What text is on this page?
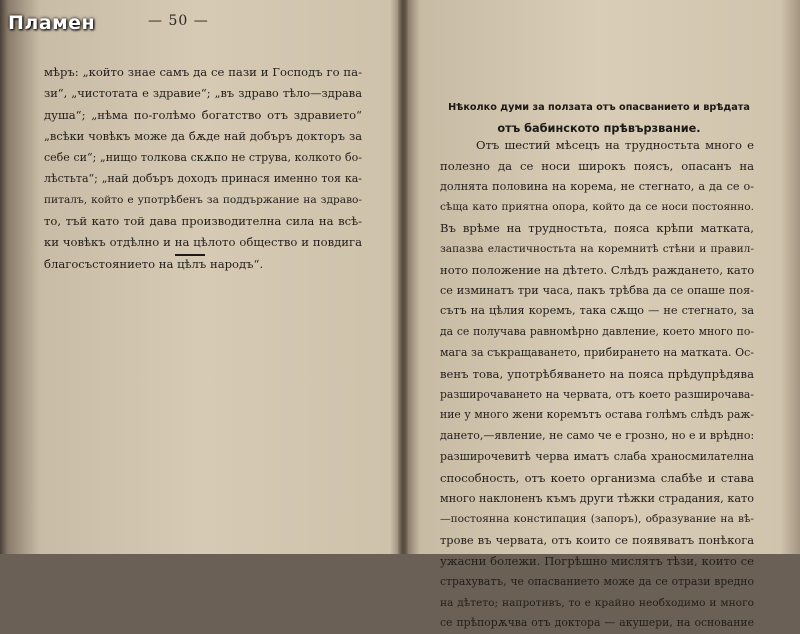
Пламен	— 50 —
мѣръ: „който знае самъ да се пази и Господъ го па-
зи“, „чистотата е здравие“; „въ здраво тѣло—здрава
душа“; „нѣма по-голѣмо богатство отъ здравието“
„всѣки човѣкъ може да бѫде най добъръ докторъ за
себе си“; „нищо толкова скѫпо не струва, колкото бо-
лѣстьта“; „най добъръ доходъ принася именно тоя ка-
питалъ, който е употрѣбенъ за поддържание на здраво-
то, тъй като той дава производителна сила на всѣ-
ки човѣкъ отдѣлно и на цѣлото общество и повдига
благосъстоянието на цѣлъ народъ“.
Нѣколко думи за ползата отъ опасванието и врѣдата
отъ бабинското прѣвързвание.
Отъ шестий мѣсецъ на трудностьта много е
полезно да се носи широкъ поясъ, опасанъ на
долнята половина на корема, не стегнато, а да се о-
сѣща като приятна опора, който да се носи постоянно.
Въ врѣме на трудностьта, пояса крѣпи матката,
запазва еластичностьта на коремнитѣ стѣни и правил-
ното положение на дѣтето. Слѣдъ раждането, като
се изминатъ три часа, пакъ трѣбва да се опаше поя-
сътъ на цѣлия коремъ, така сѫщо — не стегнато, за
да се получава равномѣрно давление, което много по-
мага за съкращаването, прибирането на матката. Ос-
венъ това, употрѣбяването на пояса прѣдупрѣдява
разширочаването на червата, отъ което разширочава-
ние у много жени коремътъ остава голѣмъ слѣдъ раж-
дането,—явление, не само че е грозно, но е и врѣдно:
разширочевитѣ черва иматъ слаба храносмилателна
способность, отъ което организма слабѣе и става
много наклоненъ къмъ други тѣжки страдания, като
—постоянна констипация (запоръ), образувание на вѣ-
трове въ червата, отъ които се появяватъ понѣкога
ужасни болежи. Погрѣшно мислятъ тѣзи, които се
страхуватъ, че опасванието може да се отрази вредно
на дѣтето; напротивъ, то е крайно необходимо и много
се прѣпорѫчва отъ доктора — акушери, на основание
